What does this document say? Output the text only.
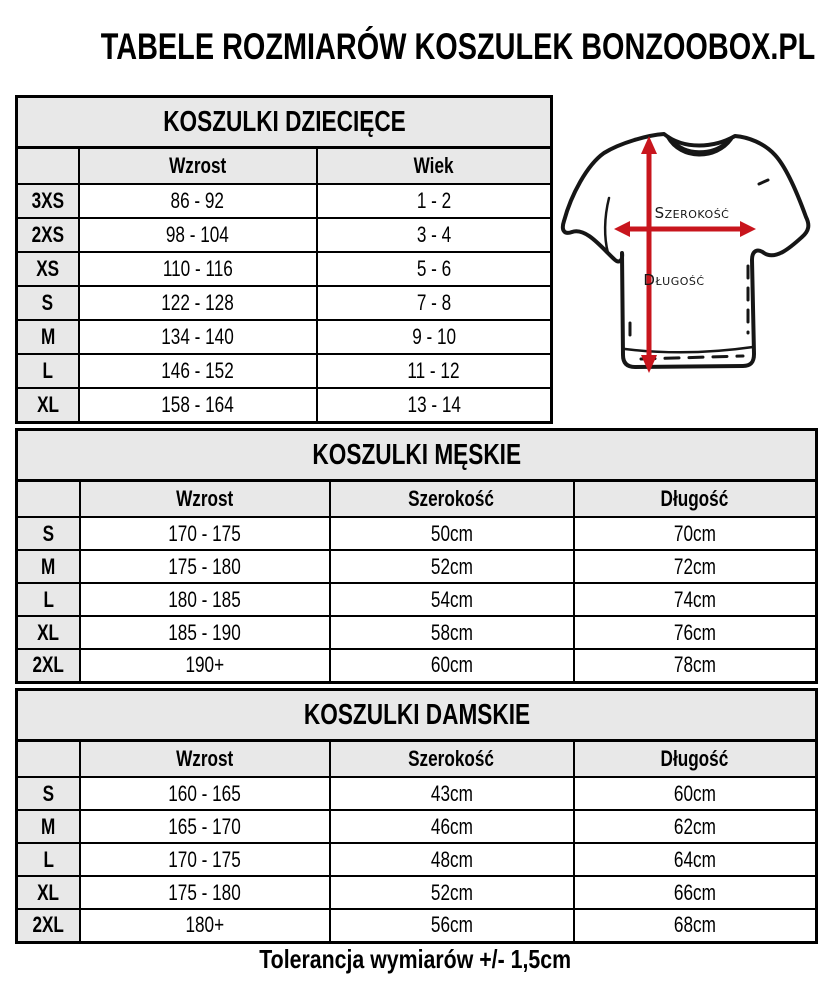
TABELE ROZMIARÓW KOSZULEK BONZOOBOX.PL
KOSZULKI DZIECIĘCE		
	Wzrost	Wiek
3XS	86 - 92	1 - 2
2XS	98 - 104	3 - 4
XS	110 - 116	5 - 6
S	122 - 128	7 - 8
M	134 - 140	9 - 10
L	146 - 152	11 - 12
XL	158 - 164	13 - 14
Szerokość
Długość
KOSZULKI MĘSKIE			
	Wzrost	Szerokość	Długość
S	170 - 175	50cm	70cm
M	175 - 180	52cm	72cm
L	180 - 185	54cm	74cm
XL	185 - 190	58cm	76cm
2XL	190+	60cm	78cm
KOSZULKI DAMSKIE			
	Wzrost	Szerokość	Długość
S	160 - 165	43cm	60cm
M	165 - 170	46cm	62cm
L	170 - 175	48cm	64cm
XL	175 - 180	52cm	66cm
2XL	180+	56cm	68cm
Tolerancja wymiarów +/- 1,5cm
